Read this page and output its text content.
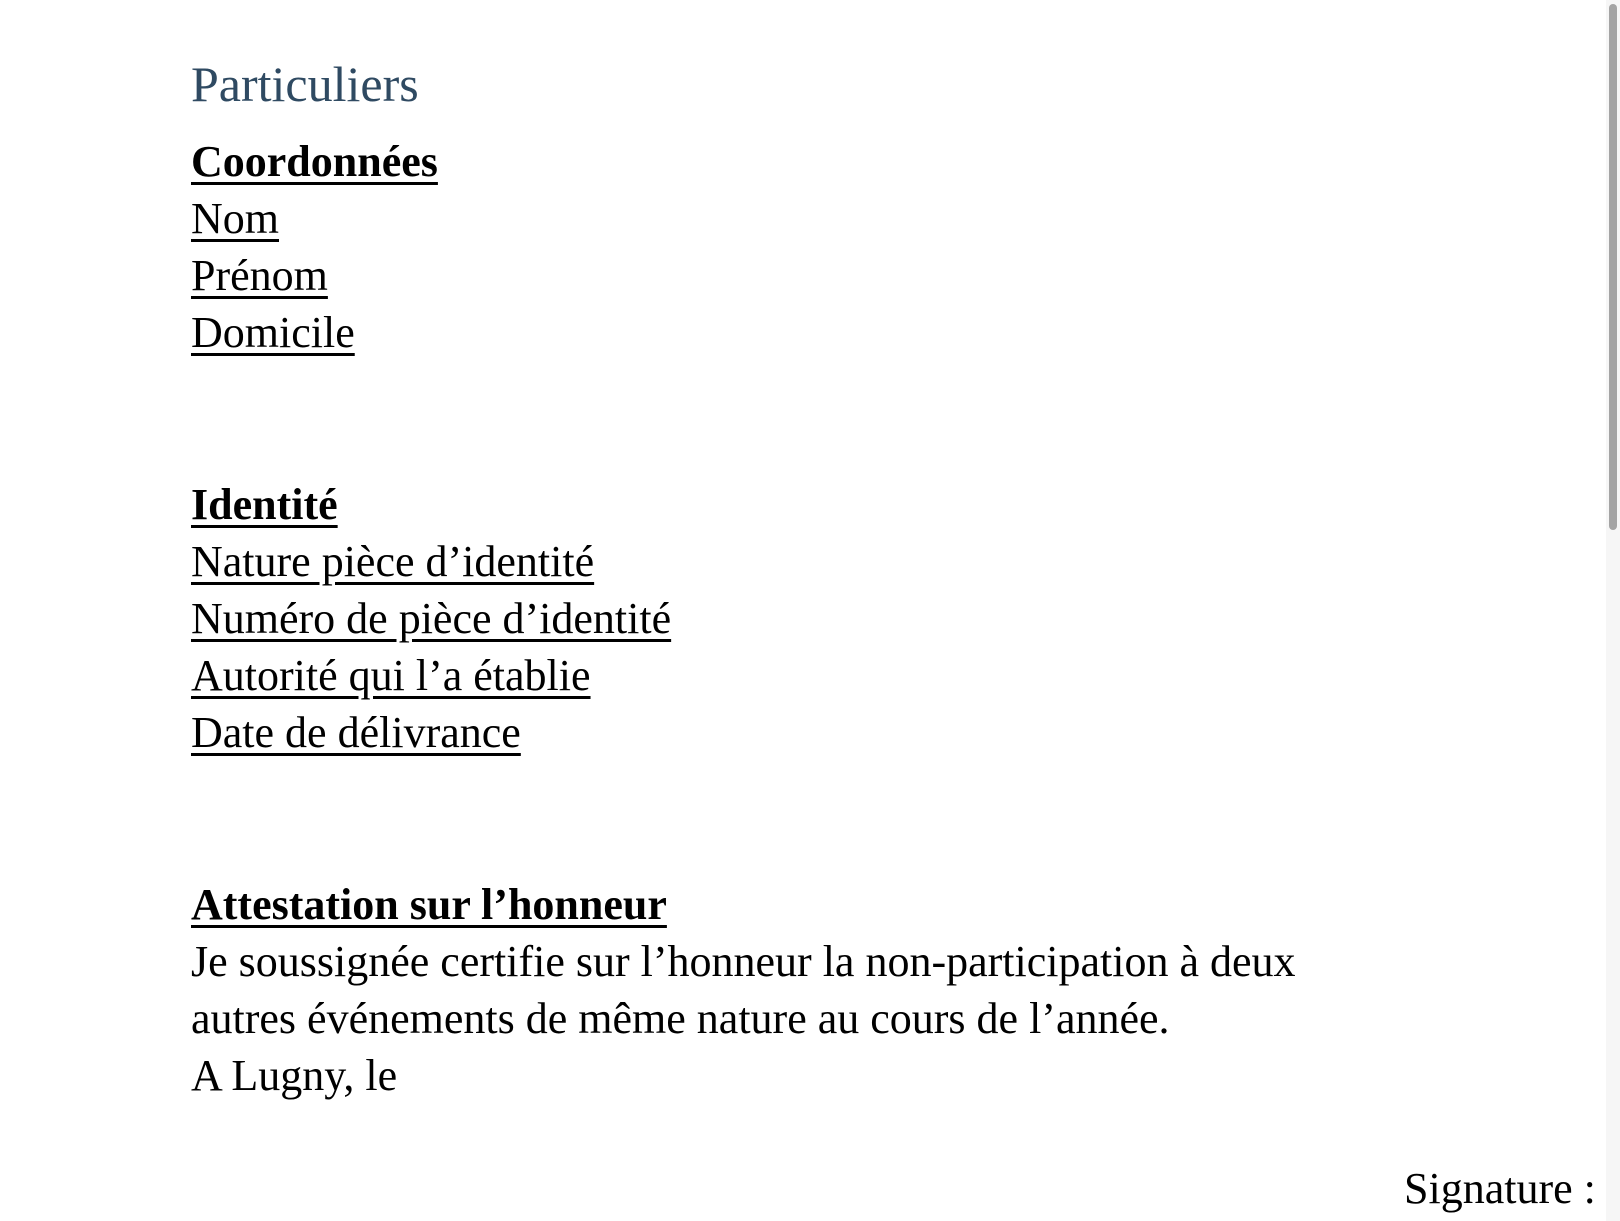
Particuliers

Coordonnées

Nom

Prénom

Domicile

Identité

Nature pièce d’identité

Numéro de pièce d’identité

Autorité qui l’a établie

Date de délivrance

Attestation sur l’honneur

Je soussignée certifie sur l’honneur la non-participation à deux

autres événements de même nature au cours de l’année.

A Lugny, le

Signature :
